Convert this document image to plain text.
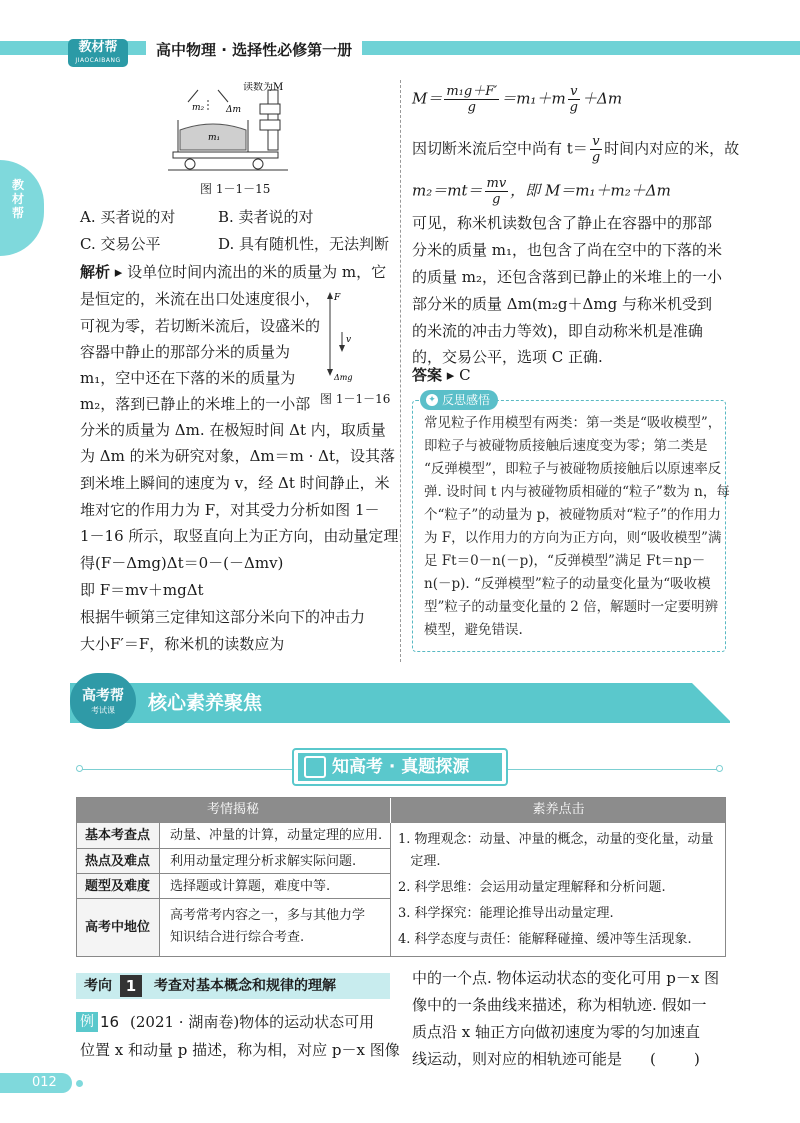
教材帮
JIAOCAIBANG
高中物理 · 选择性必修第一册
教材帮
读数为M
m₂ Δm
m₁
图 1－1－15
A. 买者说的对	B. 卖者说的对
C. 交易公平	D. 具有随机性，无法判断
解析 ▸ 设单位时间内流出的米的质量为 m，它
是恒定的，米流在出口处速度很小，
可视为零，若切断米流后，设盛米的
容器中静止的那部分米的质量为
m₁，空中还在下落的米的质量为
m₂，落到已静止的米堆上的一小部
F
v
Δmg
图 1－1－16
分米的质量为 Δm. 在极短时间 Δt 内，取质量
为 Δm 的米为研究对象，Δm＝m · Δt，设其落
到米堆上瞬间的速度为 v，经 Δt 时间静止，米
堆对它的作用力为 F，对其受力分析如图 1－
1－16 所示，取竖直向上为正方向，由动量定理
得(F－Δmg)Δt＝0－(－Δmv)
即 F＝mv＋mgΔt
根据牛顿第三定律知这部分米向下的冲击力
大小F′＝F，称米机的读数应为
$M= \frac{\text{m₁g＋F′}}{g} =m_1+m \frac{v}{g} +\Delta m$
因切断米流后空中尚有 $t= \frac{v}{g}$ 时间内对应的米，故
$m_2=mt= \frac{mv}{g}$ ，即 M＝m₁＋m₂＋Δm
可见，称米机读数包含了静止在容器中的那部
分米的质量 m₁，也包含了尚在空中的下落的米
的质量 m₂，还包含落到已静止的米堆上的一小
部分米的质量 Δm(m₂g＋Δmg 与称米机受到
的米流的冲击力等效)，即自动称米机是准确
的，交易公平，选项 C 正确.
答案 ▸ C
✦ 反思感悟
常见粒子作用模型有两类：第一类是“吸收模型”，
即粒子与被碰物质接触后速度变为零；第二类是
“反弹模型”，即粒子与被碰物质接触后以原速率反
弹. 设时间 t 内与被碰物质相碰的“粒子”数为 n，每
个“粒子”的动量为 p，被碰物质对“粒子”的作用力
为 F，以作用力的方向为正方向，则“吸收模型”满
足 Ft＝0－n(－p)，“反弹模型”满足 Ft＝np－
n(－p). “反弹模型”粒子的动量变化量为“吸收模
型”粒子的动量变化量的 2 倍，解题时一定要明辨
模型，避免错误.
高考帮
考试课	核心素养聚焦
知高考 · 真题探源
考情揭秘	素养点击
基本考查点	动量、冲量的计算，动量定理的应用.
热点及难点	利用动量定理分析求解实际问题.
题型及难度	选择题或计算题，难度中等.
高考中地位
高考常考内容之一，多与其他力学
知识结合进行综合考查.
1. 物理观念：动量、冲量的概念，动量的变化量，动量
定理.
2. 科学思维：会运用动量定理解释和分析问题.
3. 科学探究：能理论推导出动量定理.
4. 科学态度与责任：能解释碰撞、缓冲等生活现象.
考向 1	考查对基本概念和规律的理解
例 16 (2021 · 湖南卷)物体的运动状态可用
位置 x 和动量 p 描述，称为相，对应 p－x 图像
中的一个点. 物体运动状态的变化可用 p－x 图
像中的一条曲线来描述，称为相轨迹. 假如一
质点沿 x 轴正方向做初速度为零的匀加速直
线运动，则对应的相轨迹可能是 (        )
012
